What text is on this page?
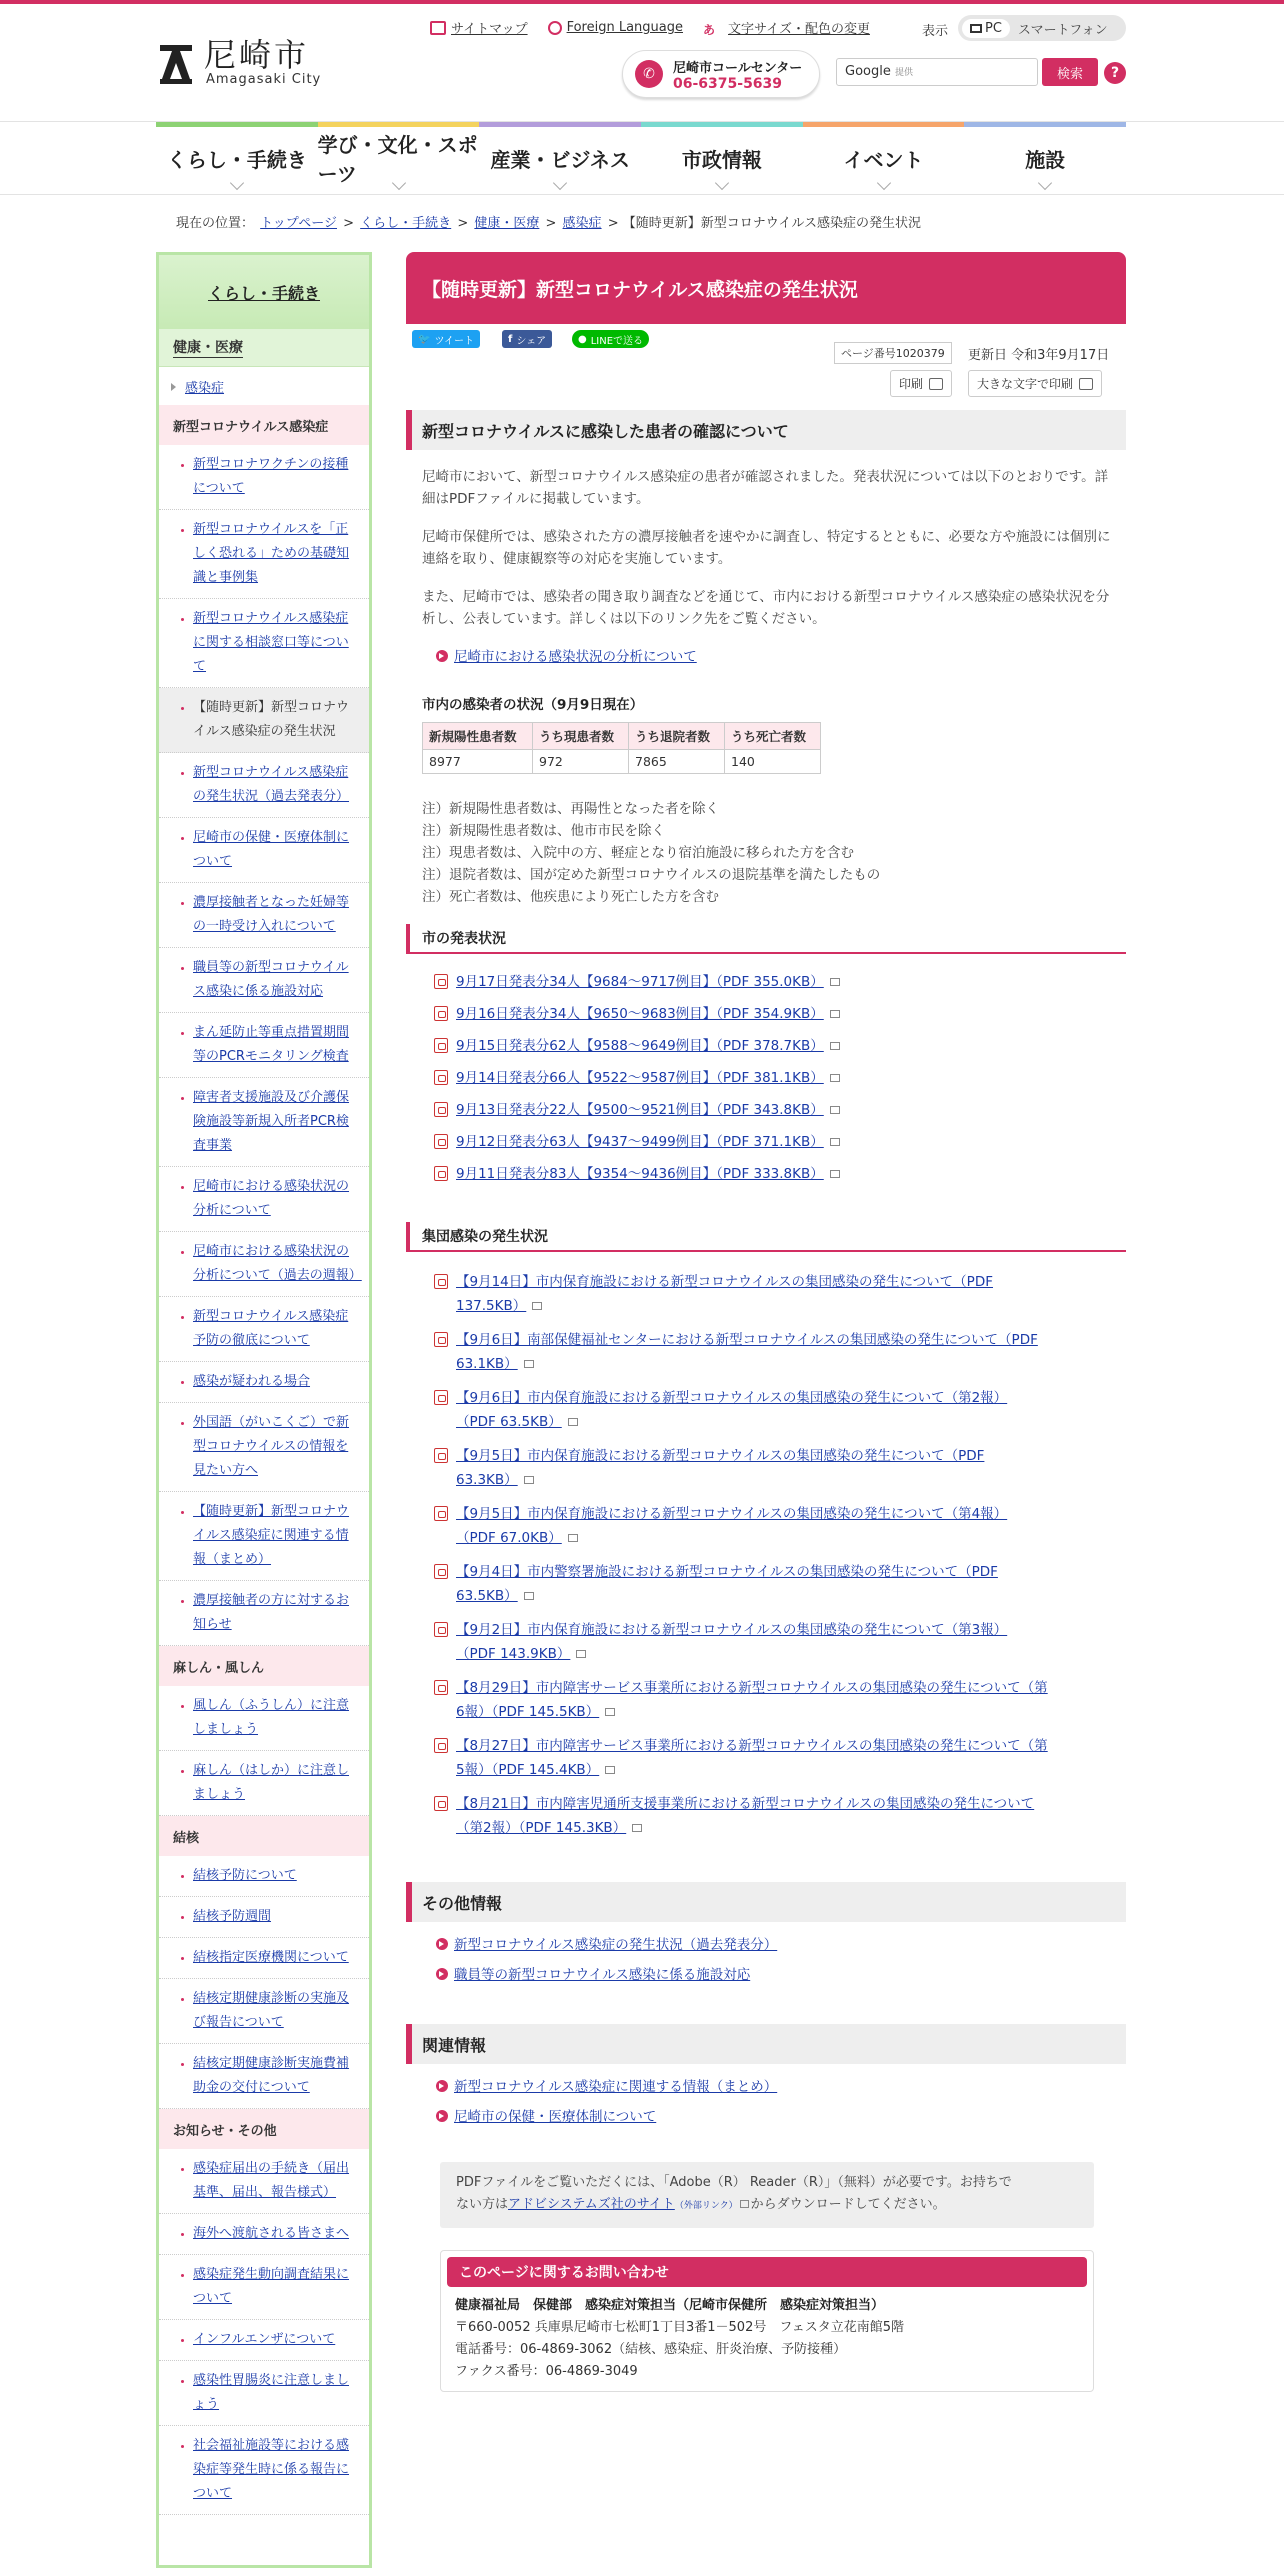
尼崎市
Amagasaki City
サイトマップ	Foreign Language あ 文字サイズ・配色の変更	表示	PC スマートフォン
✆	尼崎市コールセンター
06-6375-5639
Google 提供	検索	?
くらし・手続き
学び・文化・スポーツ
産業・ビジネス	市政情報	イベント	施設
現在の位置： トップページ > くらし・手続き > 健康・医療 > 感染症 > 【随時更新】新型コロナウイルス感染症の発生状況
くらし・手続き
健康・医療
感染症
新型コロナウイルス感染症
新型コロナワクチンの接種について
新型コロナウイルスを「正しく恐れる」ための基礎知識と事例集
新型コロナウイルス感染症に関する相談窓口等について
【随時更新】新型コロナウイルス感染症の発生状況
新型コロナウイルス感染症の発生状況（過去発表分）
尼崎市の保健・医療体制について
濃厚接触者となった妊婦等の一時受け入れについて
職員等の新型コロナウイルス感染に係る施設対応
まん延防止等重点措置期間等のPCRモニタリング検査
障害者支援施設及び介護保険施設等新規入所者PCR検査事業
尼崎市における感染状況の分析について
尼崎市における感染状況の分析について（過去の週報）
新型コロナウイルス感染症予防の徹底について
感染が疑われる場合
外国語（がいこくご）で新型コロナウイルスの情報を見たい方へ
【随時更新】新型コロナウイルス感染症に関連する情報（まとめ）
濃厚接触者の方に対するお知らせ
麻しん・風しん
風しん（ふうしん）に注意しましょう
麻しん（はしか）に注意しましょう
結核
結核予防について
結核予防週間
結核指定医療機関について
結核定期健康診断の実施及び報告について
結核定期健康診断実施費補助金の交付について
お知らせ・その他
感染症届出の手続き（届出基準、届出、報告様式）
海外へ渡航される皆さまへ
感染症発生動向調査結果について
インフルエンザについて
感染性胃腸炎に注意しましょう
社会福祉施設等における感染症等発生時に係る報告について
【随時更新】新型コロナウイルス感染症の発生状況
🐦 ツイート	f シェア	● LINEで送る
ページ番号1020379	更新日 令和3年9月17日
印刷	大きな文字で印刷
新型コロナウイルスに感染した患者の確認について
尼崎市において、新型コロナウイルス感染症の患者が確認されました。発表状況については以下のとおりです。詳細はPDFファイルに掲載しています。
尼崎市保健所では、感染された方の濃厚接触者を速やかに調査し、特定するとともに、必要な方や施設には個別に連絡を取り、健康観察等の対応を実施しています。
また、尼崎市では、感染者の聞き取り調査などを通じて、市内における新型コロナウイルス感染症の感染状況を分析し、公表しています。詳しくは以下のリンク先をご覧ください。
尼崎市における感染状況の分析について
市内の感染者の状況（9月9日現在）
新規陽性患者数	うち現患者数	うち退院者数	うち死亡者数
8977	972	7865	140
注）新規陽性患者数は、再陽性となった者を除く
注）新規陽性患者数は、他市市民を除く
注）現患者数は、入院中の方、軽症となり宿泊施設に移られた方を含む
注）退院者数は、国が定めた新型コロナウイルスの退院基準を満たしたもの
注）死亡者数は、他疾患により死亡した方を含む
市の発表状況
集団感染の発生状況
その他情報
新型コロナウイルス感染症の発生状況（過去発表分）
職員等の新型コロナウイルス感染に係る施設対応
関連情報
新型コロナウイルス感染症に関連する情報（まとめ）
尼崎市の保健・医療体制について
PDFファイルをご覧いただくには、「Adobe（R） Reader（R）」（無料）が必要です。お持ちで
ない方はアドビシステムズ社のサイト（外部リンク） からダウンロードしてください。
このページに関するお問い合わせ
健康福祉局　保健部　感染症対策担当（尼崎市保健所　感染症対策担当）
〒660-0052 兵庫県尼崎市七松町1丁目3番1－502号　フェスタ立花南館5階
電話番号：06-4869-3062（結核、感染症、肝炎治療、予防接種）
ファクス番号：06-4869-3049
9月17日発表分34人【9684～9717例目】（PDF 355.0KB）
9月16日発表分34人【9650～9683例目】（PDF 354.9KB）
9月15日発表分62人【9588～9649例目】（PDF 378.7KB）
9月14日発表分66人【9522～9587例目】（PDF 381.1KB）
9月13日発表分22人【9500～9521例目】（PDF 343.8KB）
9月12日発表分63人【9437～9499例目】（PDF 371.1KB）
9月11日発表分83人【9354～9436例目】（PDF 333.8KB）
【9月14日】市内保育施設における新型コロナウイルスの集団感染の発生について（PDF
137.5KB）
【9月6日】南部保健福祉センターにおける新型コロナウイルスの集団感染の発生について（PDF
63.1KB）
【9月6日】市内保育施設における新型コロナウイルスの集団感染の発生について（第2報）
（PDF 63.5KB）
【9月5日】市内保育施設における新型コロナウイルスの集団感染の発生について（PDF
63.3KB）
【9月5日】市内保育施設における新型コロナウイルスの集団感染の発生について（第4報）
（PDF 67.0KB）
【9月4日】市内警察署施設における新型コロナウイルスの集団感染の発生について（PDF
63.5KB）
【9月2日】市内保育施設における新型コロナウイルスの集団感染の発生について（第3報）
（PDF 143.9KB）
【8月29日】市内障害サービス事業所における新型コロナウイルスの集団感染の発生について（第
6報）（PDF 145.5KB）
【8月27日】市内障害サービス事業所における新型コロナウイルスの集団感染の発生について（第
5報）（PDF 145.4KB）
【8月21日】市内障害児通所支援事業所における新型コロナウイルスの集団感染の発生について
（第2報）（PDF 145.3KB）
